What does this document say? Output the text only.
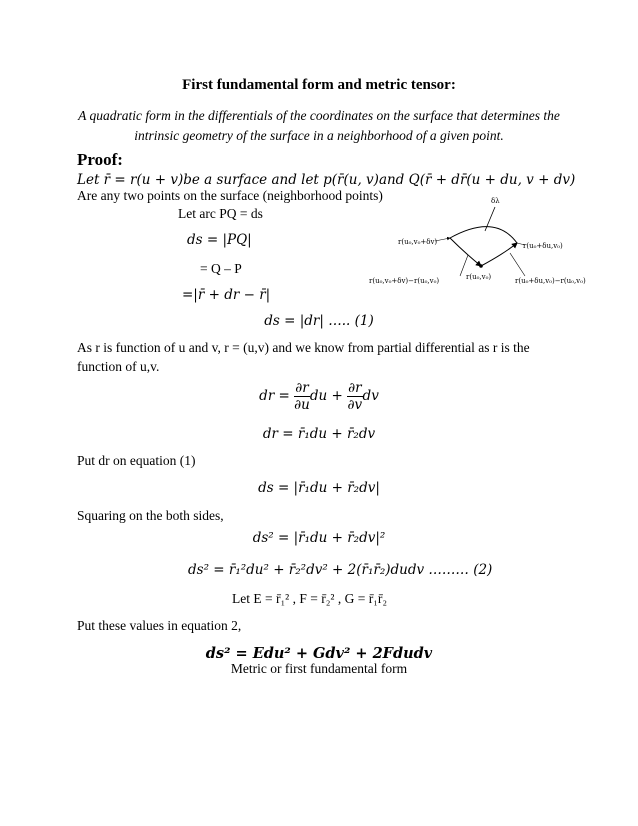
First fundamental form and metric tensor:
A quadratic form in the differentials of the coordinates on the surface that determines the intrinsic geometry of the surface in a neighborhood of a given point.
Proof:
Let r̄ = r(u + v)be a surface and let p(r̄(u, v)and Q(r̄ + dr̄(u + du, v + dv)
Are any two points on the surface (neighborhood points)
Let arc PQ = ds
ds = |PQ|
= Q – P
=|r̄ + dr − r̄|
δλ
r(u₀,v₀+δv)	r(u₀+δu,v₀)
r(u₀,v₀+δv)−r(u₀,v₀)	r(u₀,v₀)	r(u₀+δu,v₀)−r(u₀,v₀)
ds = |dr| ….. (1)
As r is function of u and v, r = (u,v) and we know from partial differential as r is the function of u,v.
dr = $\frac{\partial r}{\partial u}$ du + $\frac{\partial r}{\partial v}$ dv
dr = r̄₁du + r̄₂dv
Put dr on equation (1)
ds = |r̄₁du + r̄₂dv|
Squaring on the both sides,
ds² = |r̄₁du + r̄₂dv|²
ds² = r̄₁²du² + r̄₂²dv² + 2(r̄₁r̄₂)dudv ……… (2)
Let E = r̄₁² , F = r̄₂² , G = r̄₁r̄₂
Put these values in equation 2,
ds² = Edu² + Gdv² + 2Fdudv
Metric or first fundamental form
